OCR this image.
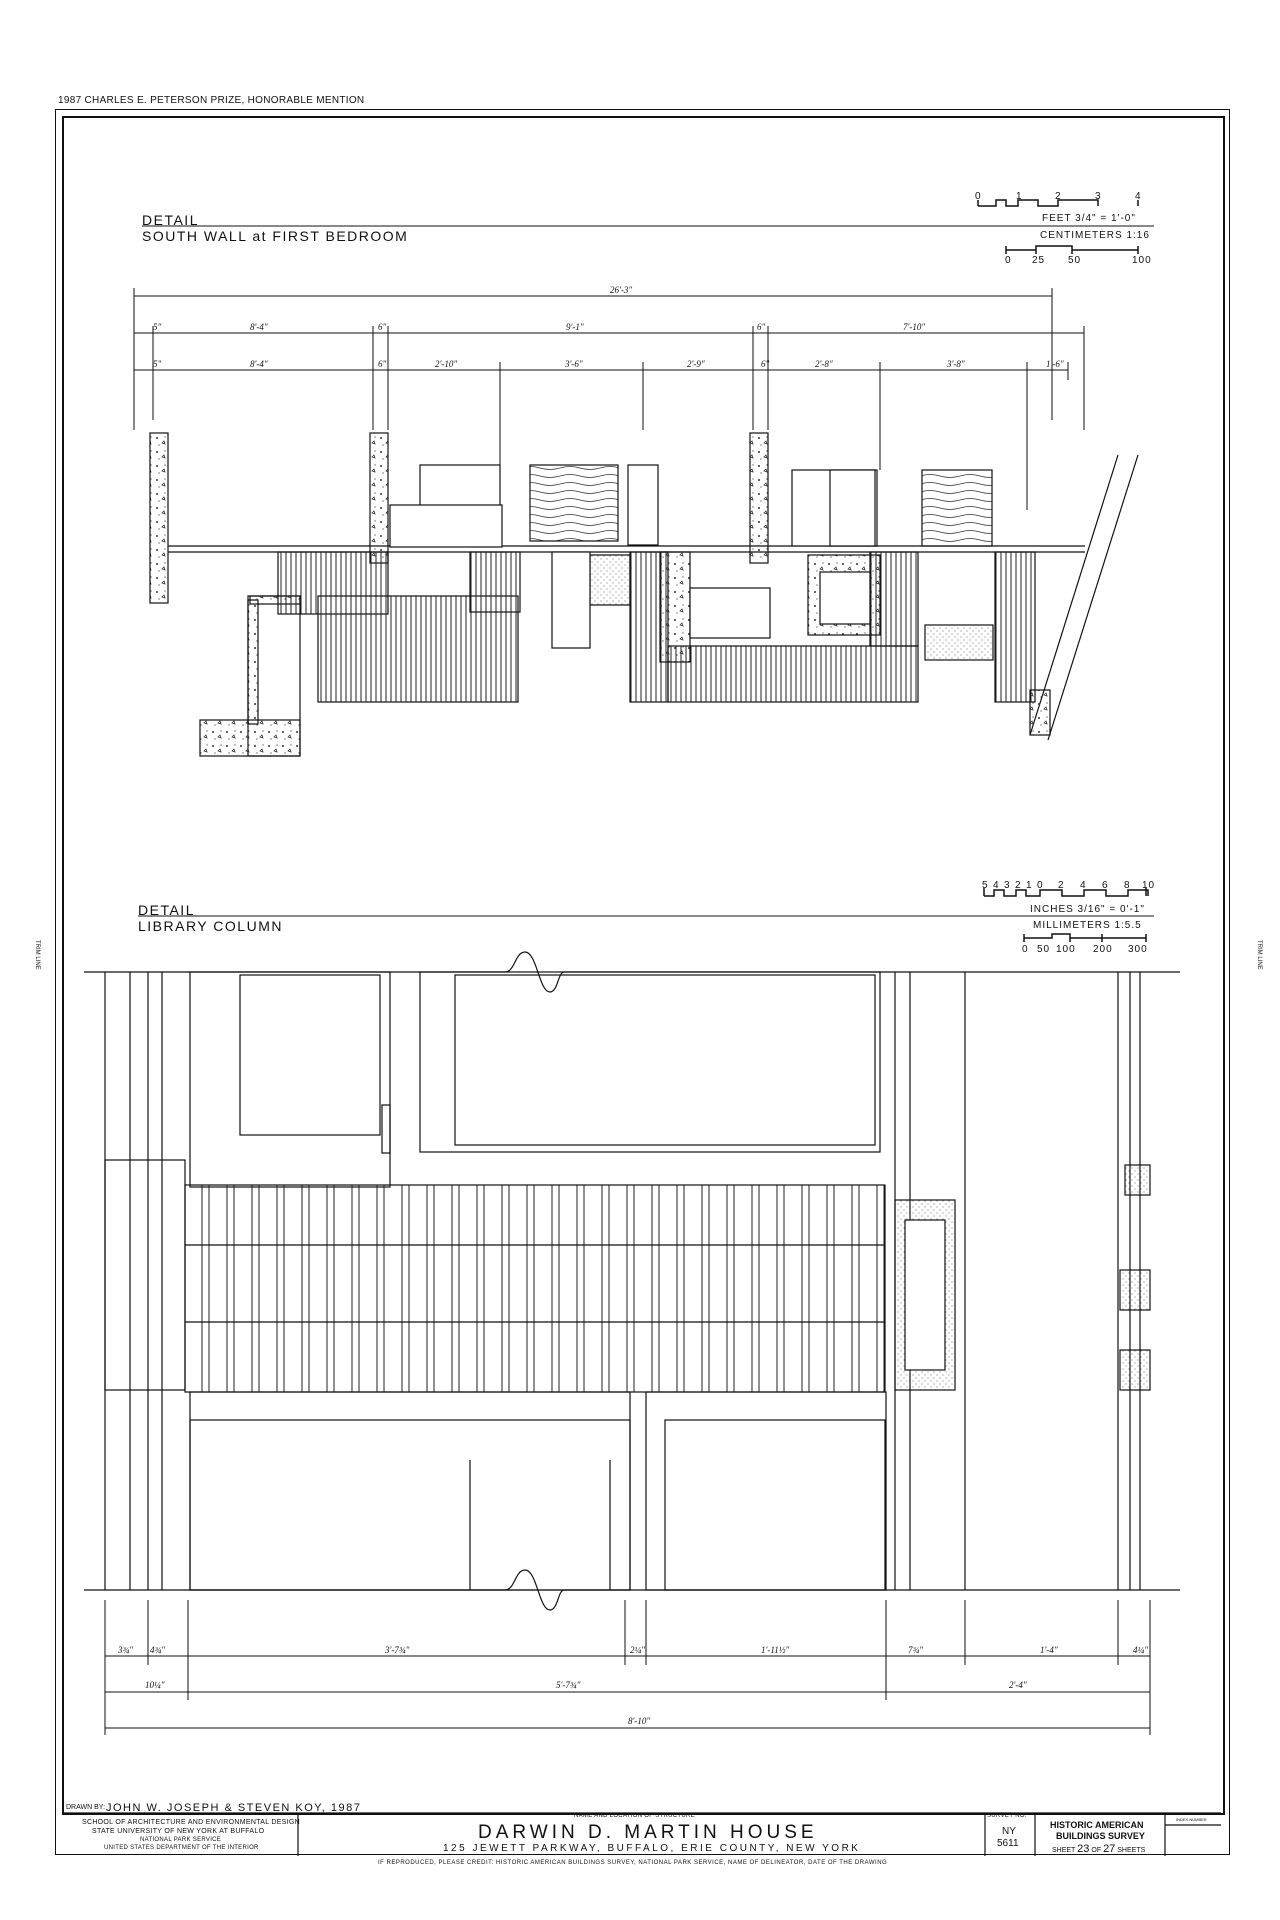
1987 CHARLES E. PETERSON PRIZE, HONORABLE MENTION
TRIM LINE	TRIM LINE
DETAIL
SOUTH WALL at FIRST BEDROOM
0	1	2	3	4
FEET 3/4" = 1'-0"
CENTIMETERS 1:16
0 25 50	100
26'-3"
5"	8'-4"	6"	9'-1"	6"	7'-10"
5"	8'-4"	6"	2'-10"	3'-6"	2'-9"	6"	2'-8"	3'-8"	1'-6"
DETAIL
LIBRARY COLUMN
5 4 3 2 1 0 2 4 6 8 10
INCHES 3/16" = 0'-1"
MILLIMETERS 1:5.5
0 50 100 200 300
3¾" 4¾"	3'-7¾"	2¼"	1'-11½"	7¾"	1'-4"	4¼"
10¼"	5'-7¾"	2'-4"
8'-10"
DRAWN BY: JOHN W. JOSEPH & STEVEN KOY, 1987
SCHOOL OF ARCHITECTURE AND ENVIRONMENTAL DESIGN
STATE UNIVERSITY OF NEW YORK AT BUFFALO
NATIONAL PARK SERVICE
UNITED STATES DEPARTMENT OF THE INTERIOR
NAME AND LOCATION OF STRUCTURE
DARWIN D. MARTIN HOUSE
125 JEWETT PARKWAY, BUFFALO, ERIE COUNTY, NEW YORK
SURVEY NO.
NY
5611
HISTORIC AMERICAN
BUILDINGS SURVEY
SHEET 23 OF 27 SHEETS
LIBRARY OF CONGRESS
INDEX NUMBER
IF REPRODUCED, PLEASE CREDIT: HISTORIC AMERICAN BUILDINGS SURVEY, NATIONAL PARK SERVICE, NAME OF DELINEATOR, DATE OF THE DRAWING
